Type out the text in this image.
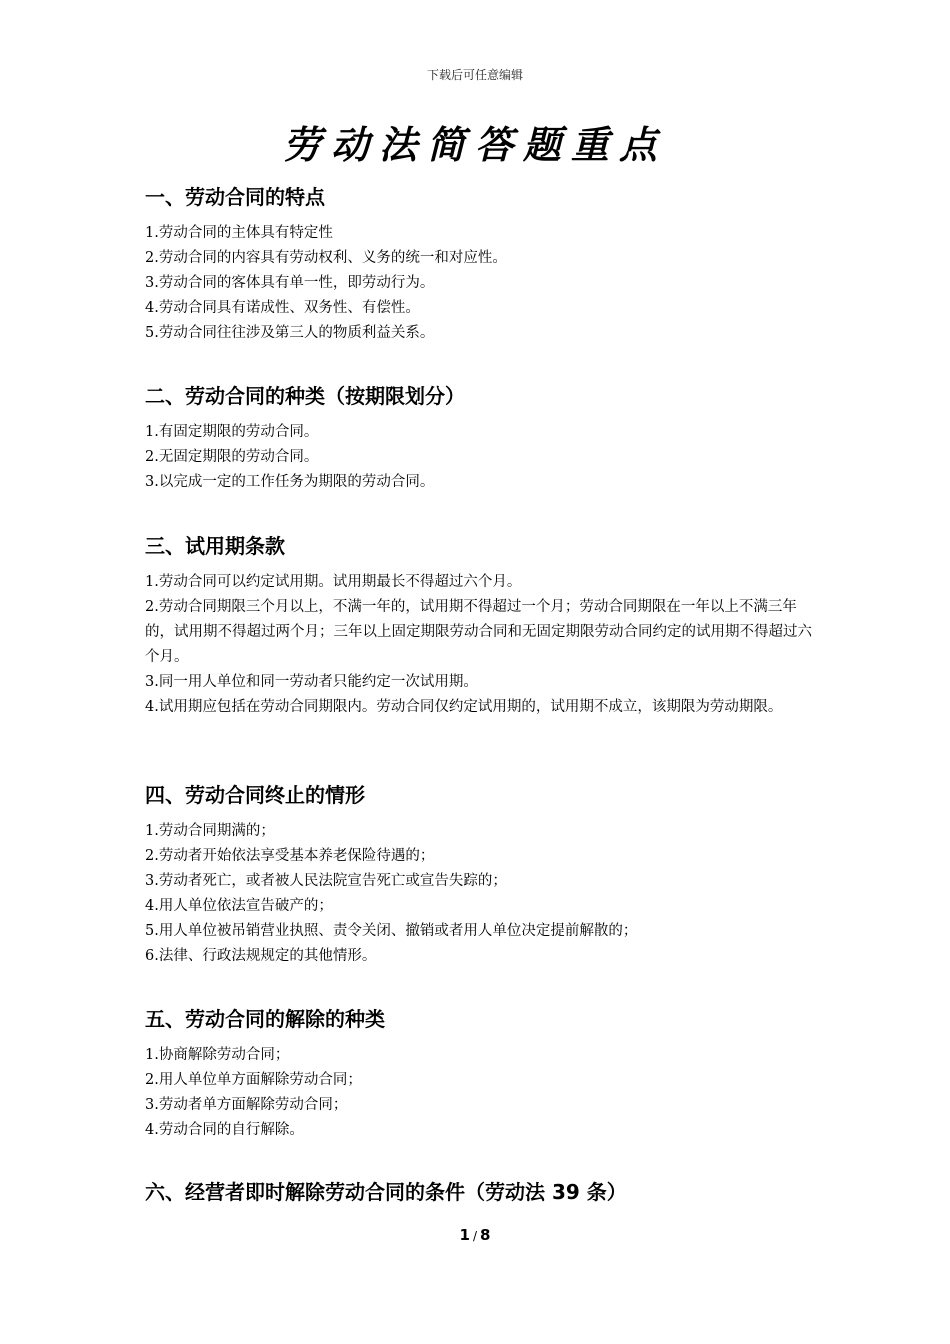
下载后可任意编辑
劳动法简答题重点
一、劳动合同的特点
1.劳动合同的主体具有特定性
2.劳动合同的内容具有劳动权利、义务的统一和对应性。
3.劳动合同的客体具有单一性，即劳动行为。
4.劳动合同具有诺成性、双务性、有偿性。
5.劳动合同往往涉及第三人的物质利益关系。
二、劳动合同的种类（按期限划分）
1.有固定期限的劳动合同。
2.无固定期限的劳动合同。
3.以完成一定的工作任务为期限的劳动合同。
三、试用期条款
1.劳动合同可以约定试用期。试用期最长不得超过六个月。
2.劳动合同期限三个月以上，不满一年的，试用期不得超过一个月；劳动合同期限在一年以上不满三年的，试用期不得超过两个月；三年以上固定期限劳动合同和无固定期限劳动合同约定的试用期不得超过六个月。
3.同一用人单位和同一劳动者只能约定一次试用期。
4.试用期应包括在劳动合同期限内。劳动合同仅约定试用期的，试用期不成立，该期限为劳动期限。
四、劳动合同终止的情形
1.劳动合同期满的；
2.劳动者开始依法享受基本养老保险待遇的；
3.劳动者死亡，或者被人民法院宣告死亡或宣告失踪的；
4.用人单位依法宣告破产的；
5.用人单位被吊销营业执照、责令关闭、撤销或者用人单位决定提前解散的；
6.法律、行政法规规定的其他情形。
五、劳动合同的解除的种类
1.协商解除劳动合同；
2.用人单位单方面解除劳动合同；
3.劳动者单方面解除劳动合同；
4.劳动合同的自行解除。
六、经营者即时解除劳动合同的条件（劳动法 39 条）
1 / 8
